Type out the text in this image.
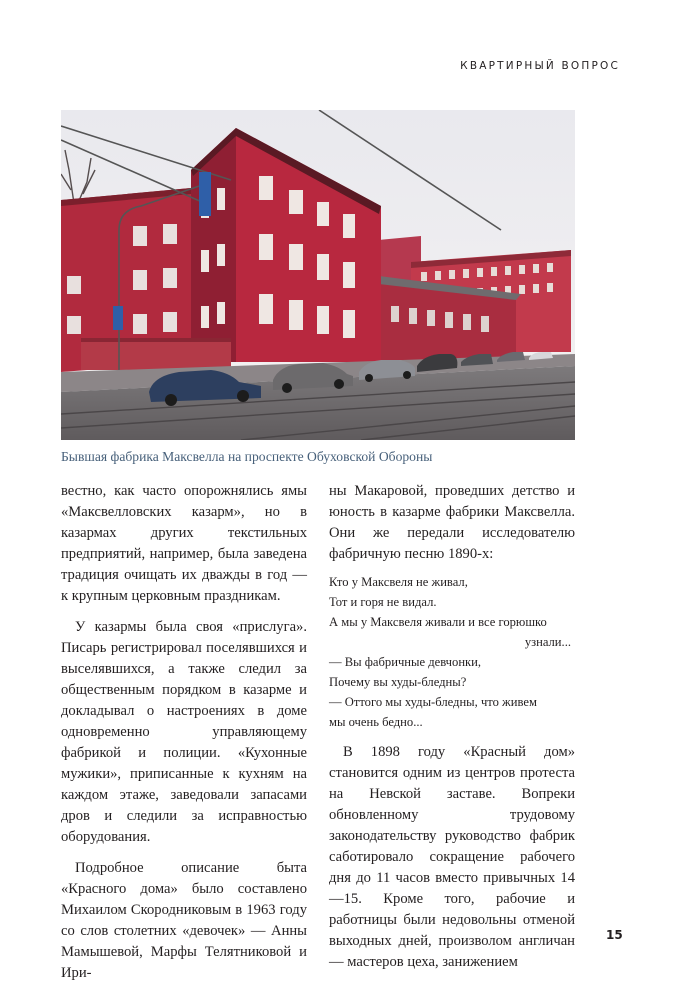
КВАРТИРНЫЙ ВОПРОС
Бывшая фабрика Максвелла на проспекте Обуховской Обороны

вестно, как часто опорожнялись ямы «Максвелловских казарм», но в казармах других текстильных предприятий, например, была заведена традиция очищать их дважды в год — к крупным церковным праздникам.

У казармы была своя «прислуга». Писарь регистрировал поселявшихся и выселявшихся, а также следил за общественным порядком в казарме и докладывал о настроениях в доме одновременно управляющему фабрикой и полиции. «Кухонные мужики», приписанные к кухням на каждом этаже, заведовали запасами дров и следили за исправностью оборудования.

Подробное описание быта «Красного дома» было составлено Михаилом Скородниковым в 1963 году со слов столетних «девочек» — Анны Мамышевой, Марфы Телятниковой и Ири-

ны Макаровой, проведших детство и юность в казарме фабрики Максвелла. Они же передали исследователю фабричную песню 1890-х:

Кто у Максвеля не живал,
Тот и горя не видал.
А мы у Максвеля живали и все горюшко
узнали...
— Вы фабричные девчонки,
Почему вы худы-бледны?
— Оттого мы худы-бледны, что живем
мы очень бедно...

В 1898 году «Красный дом» становится одним из центров протеста на Невской заставе. Вопреки обновленному трудовому законодательству руководство фабрик саботировало сокращение рабочего дня до 11 часов вместо привычных 14—15. Кроме того, рабочие и работницы были недовольны отменой выходных дней, произволом англичан — мастеров цеха, занижением

15
